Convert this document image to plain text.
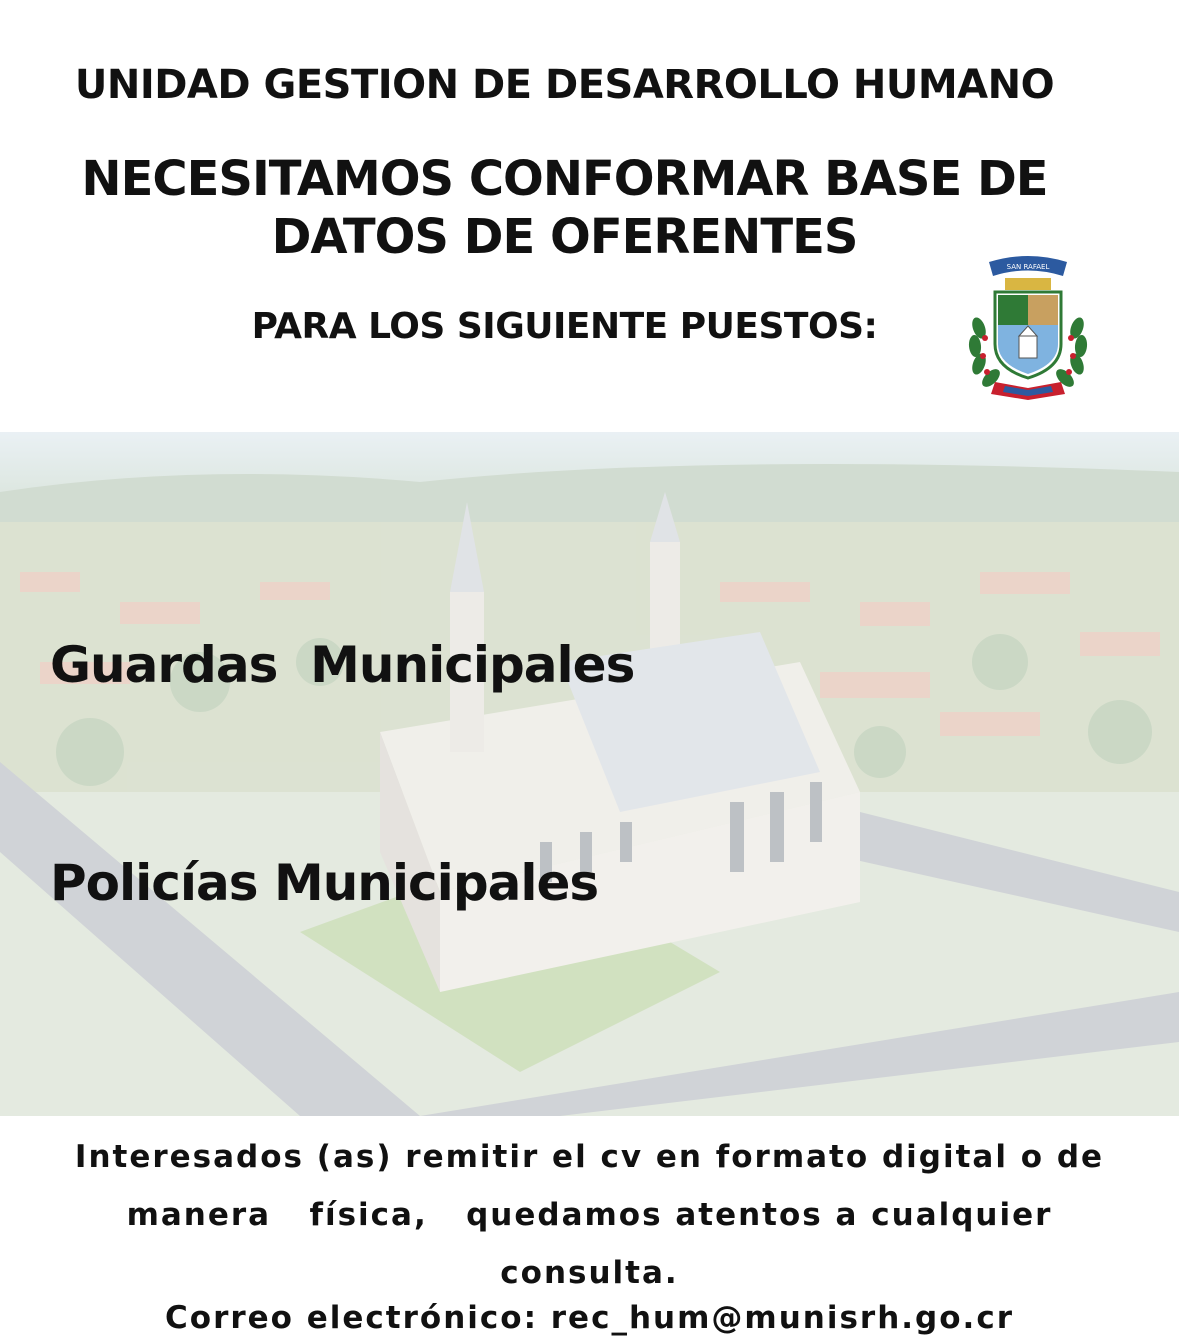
UNIDAD GESTION DE DESARROLLO HUMANO
NECESITAMOS CONFORMAR BASE DE
DATOS DE OFERENTES
PARA LOS SIGUIENTE PUESTOS:
SAN RAFAEL
Guardas  Municipales
Policías Municipales
Interesados (as) remitir el cv en formato digital o de
manera   física,   quedamos atentos a cualquier
consulta.
Correo electrónico: rec_hum@munisrh.go.cr
